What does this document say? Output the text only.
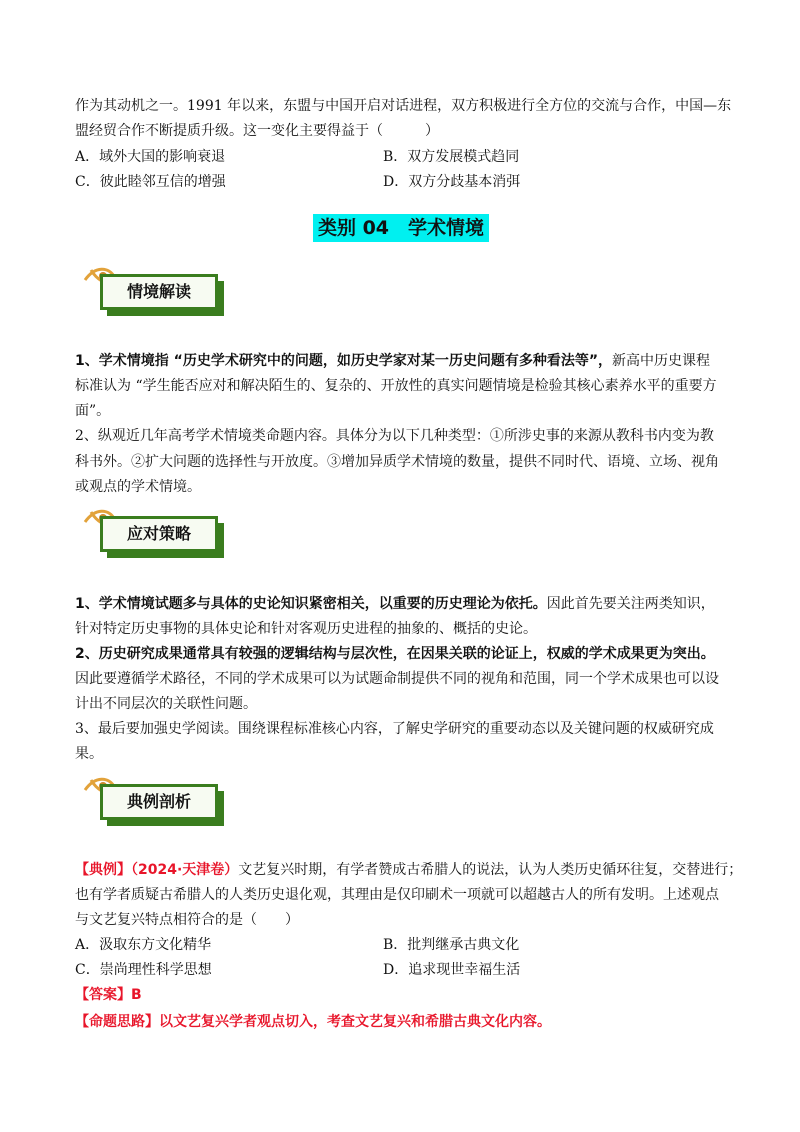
作为其动机之一。1991 年以来，东盟与中国开启对话进程，双方积极进行全方位的交流与合作，中国—东
盟经贸合作不断提质升级。这一变化主要得益于（　　　）
A．域外大国的影响衰退	B．双方发展模式趋同
C．彼此睦邻互信的增强	D．双方分歧基本消弭
类别 04　学术情境
情境解读
1、学术情境指 “历史学术研究中的问题，如历史学家对某一历史问题有多种看法等”，新高中历史课程
标准认为 “学生能否应对和解决陌生的、复杂的、开放性的真实问题情境是检验其核心素养水平的重要方
面”。
2、纵观近几年高考学术情境类命题内容。具体分为以下几种类型：①所涉史事的来源从教科书内变为教
科书外。②扩大问题的选择性与开放度。③增加异质学术情境的数量，提供不同时代、语境、立场、视角
或观点的学术情境。
应对策略
1、学术情境试题多与具体的史论知识紧密相关，以重要的历史理论为依托。因此首先要关注两类知识，
针对特定历史事物的具体史论和针对客观历史进程的抽象的、概括的史论。
2、历史研究成果通常具有较强的逻辑结构与层次性，在因果关联的论证上，权威的学术成果更为突出。
因此要遵循学术路径，不同的学术成果可以为试题命制提供不同的视角和范围，同一个学术成果也可以设
计出不同层次的关联性问题。
3、最后要加强史学阅读。围绕课程标准核心内容，了解史学研究的重要动态以及关键问题的权威研究成
果。
典例剖析
【典例】（2024·天津卷）文艺复兴时期，有学者赞成古希腊人的说法，认为人类历史循环往复，交替进行；
也有学者质疑古希腊人的人类历史退化观，其理由是仅印刷术一项就可以超越古人的所有发明。上述观点
与文艺复兴特点相符合的是（　　）
A．汲取东方文化精华	B．批判继承古典文化
C．崇尚理性科学思想	D．追求现世幸福生活
【答案】B
【命题思路】以文艺复兴学者观点切入，考查文艺复兴和希腊古典文化内容。
